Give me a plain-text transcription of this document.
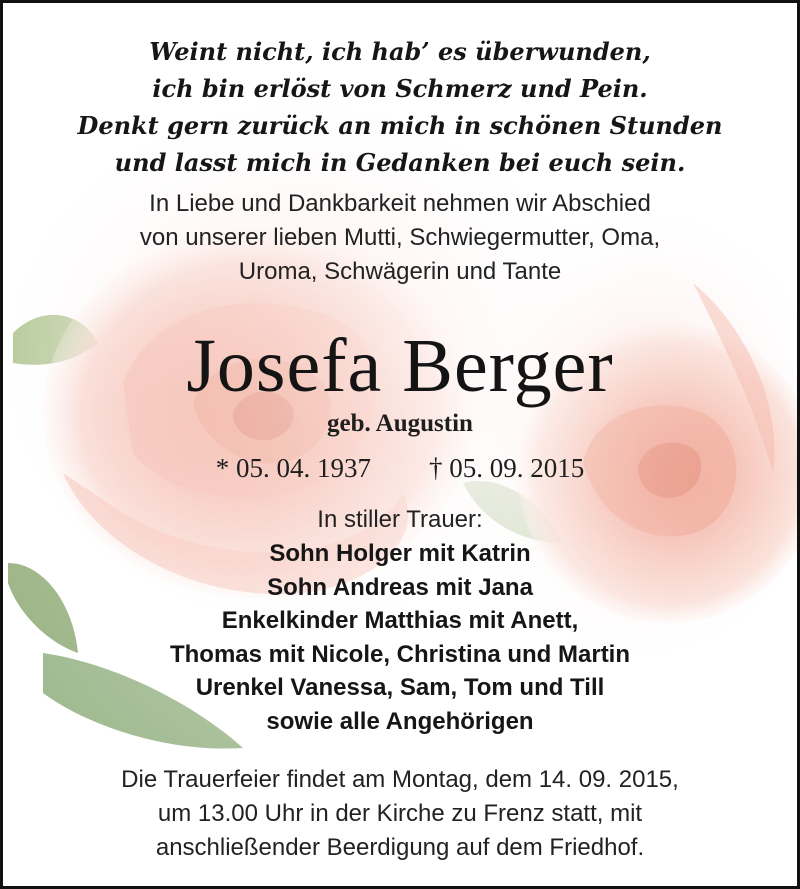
Weint nicht, ich hab’ es überwunden,
ich bin erlöst von Schmerz und Pein.
Denkt gern zurück an mich in schönen Stunden
und lasst mich in Gedanken bei euch sein.
In Liebe und Dankbarkeit nehmen wir Abschied
von unserer lieben Mutti, Schwiegermutter, Oma,
Uroma, Schwägerin und Tante
Josefa Berger
geb. Augustin
* 05. 04. 1937 † 05. 09. 2015
In stiller Trauer:
Sohn Holger mit Katrin
Sohn Andreas mit Jana
Enkelkinder Matthias mit Anett,
Thomas mit Nicole, Christina und Martin
Urenkel Vanessa, Sam, Tom und Till
sowie alle Angehörigen
Die Trauerfeier findet am Montag, dem 14. 09. 2015,
um 13.00 Uhr in der Kirche zu Frenz statt, mit
anschließender Beerdigung auf dem Friedhof.
